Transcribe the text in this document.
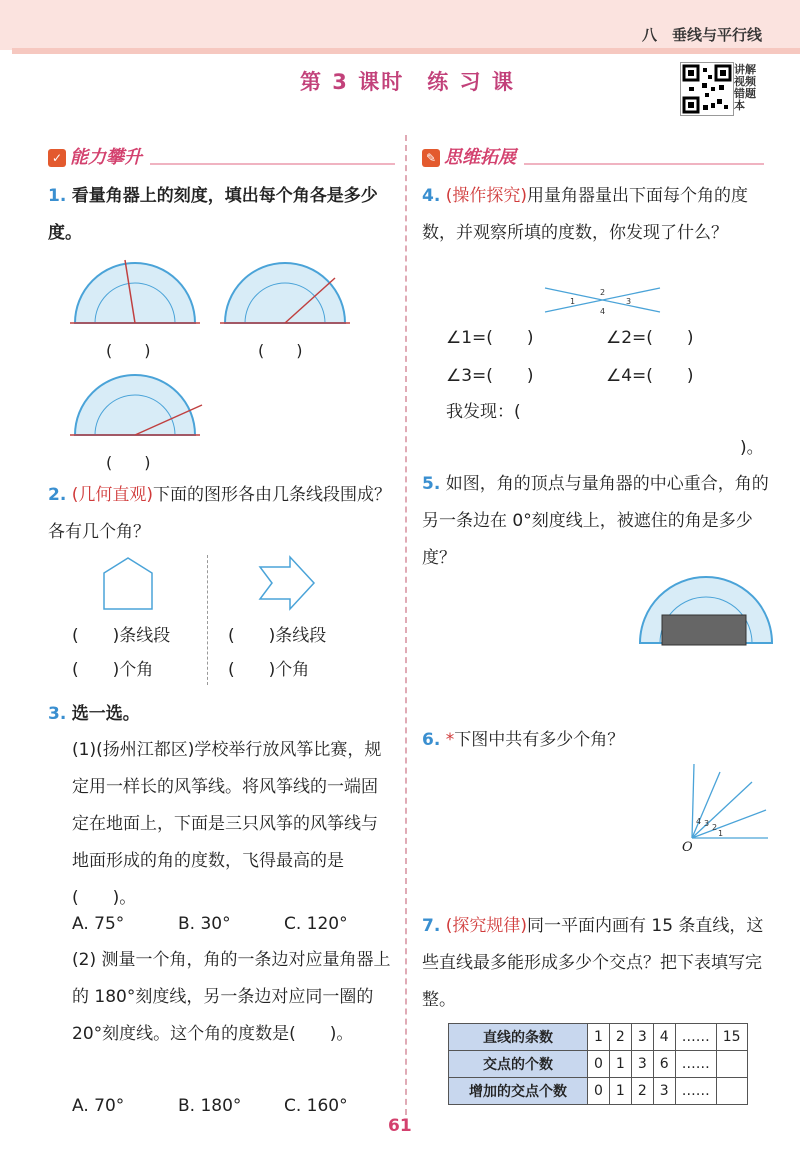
八　垂线与平行线
第 3 课时　练 习 课
讲解视频 错题本
✓ 能力攀升	✎ 思维拓展
1. 看量角器上的刻度，填出每个角各是多少度。
(　　)	(　　)
(　　)
2. (几何直观)下面的图形各由几条线段围成？各有几个角？
(　　)条线段
(　　)个角
(　　)条线段
(　　)个角
3. 选一选。
(1)(扬州江都区)学校举行放风筝比赛，规定用一样长的风筝线。将风筝线的一端固定在地面上，下面是三只风筝的风筝线与地面形成的角的度数，飞得最高的是(　　)。
A. 75°	B. 30°	C. 120°
(2) 测量一个角，角的一条边对应量角器上的 180°刻度线，另一条边对应同一圈的 20°刻度线。这个角的度数是(　　)。
A. 70°	B. 180°	C. 160°
4. (操作探究)用量角器量出下面每个角的度数，并观察所填的度数，你发现了什么？
1
2
3
4
∠1=(　　)	∠2=(　　)
∠3=(　　)	∠4=(　　)
我发现：(
)。
5. 如图，角的顶点与量角器的中心重合，角的另一条边在 0°刻度线上，被遮住的角是多少度？
6. *下图中共有多少个角？
4 3 2
1
O
7. (探究规律)同一平面内画有 15 条直线，这些直线最多能形成多少个交点？把下表填写完整。
直线的条数	1	2	3	4	……	15
交点的个数	0	1	3	6	……	
增加的交点个数	0	1	2	3	……	
61
